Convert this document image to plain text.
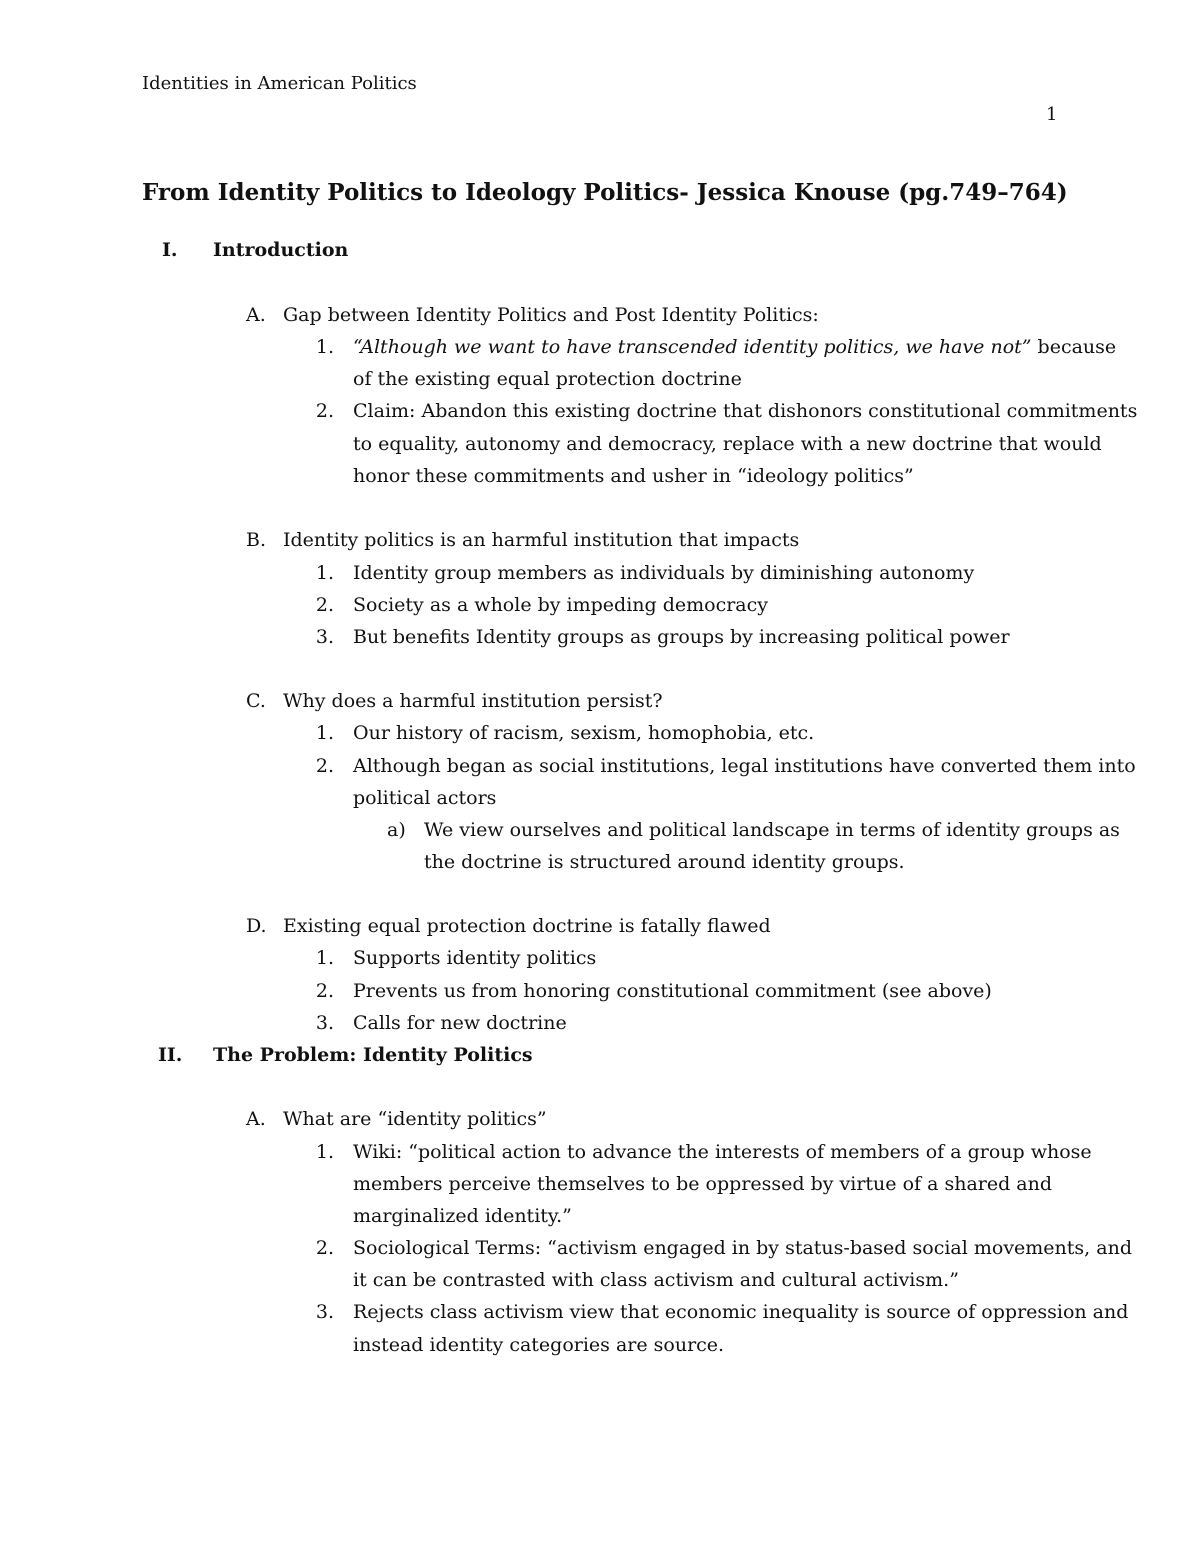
Identities in American Politics
1
From Identity Politics to Ideology Politics- Jessica Knouse (pg.749–764)
I.	Introduction
A. Gap between Identity Politics and Post Identity Politics:
1. “Although we want to have transcended identity politics, we have not” because
of the existing equal protection doctrine
2. Claim: Abandon this existing doctrine that dishonors constitutional commitments
to equality, autonomy and democracy, replace with a new doctrine that would
honor these commitments and usher in “ideology politics”
B. Identity politics is an harmful institution that impacts
1. Identity group members as individuals by diminishing autonomy
2. Society as a whole by impeding democracy
3. But benefits Identity groups as groups by increasing political power
C. Why does a harmful institution persist?
1. Our history of racism, sexism, homophobia, etc.
2. Although began as social institutions, legal institutions have converted them into
political actors
a) We view ourselves and political landscape in terms of identity groups as
the doctrine is structured around identity groups.
D. Existing equal protection doctrine is fatally flawed
1. Supports identity politics
2. Prevents us from honoring constitutional commitment (see above)
3. Calls for new doctrine
II.	The Problem: Identity Politics
A. What are “identity politics”
1. Wiki: “political action to advance the interests of members of a group whose
members perceive themselves to be oppressed by virtue of a shared and
marginalized identity.”
2. Sociological Terms: “activism engaged in by status-based social movements, and
it can be contrasted with class activism and cultural activism.”
3. Rejects class activism view that economic inequality is source of oppression and
instead identity categories are source.
